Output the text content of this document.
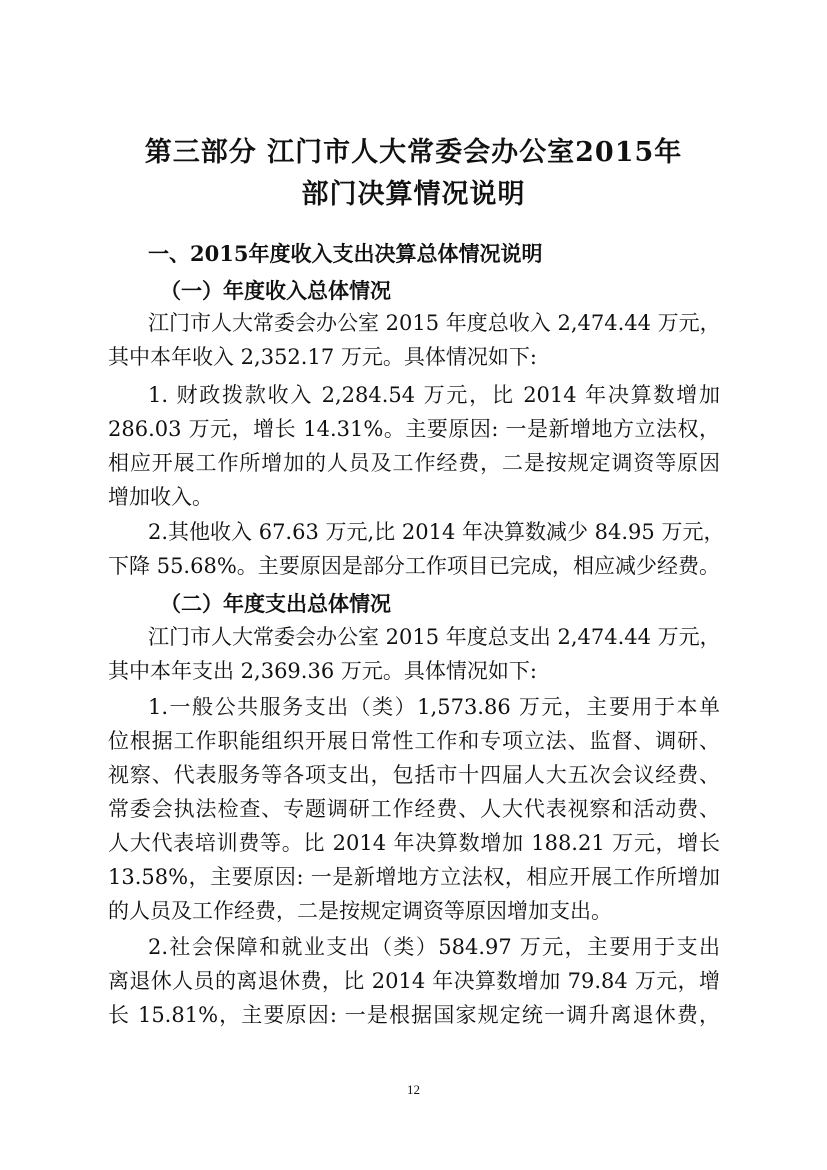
第三部分 江门市人大常委会办公室2015年
部门决算情况说明
一、2015年度收入支出决算总体情况说明
（一）年度收入总体情况
江门市人大常委会办公室 2015 年度总收入 2,474.44 万元，
其中本年收入 2,352.17 万元。具体情况如下:
1. 财政拨款收入 2,284.54 万元，比 2014 年决算数增加
286.03 万元，增长 14.31%。主要原因: 一是新增地方立法权，
相应开展工作所增加的人员及工作经费，二是按规定调资等原因
增加收入。
2.其他收入 67.63 万元,比 2014 年决算数减少 84.95 万元，
下降 55.68%。主要原因是部分工作项目已完成，相应减少经费。
（二）年度支出总体情况
江门市人大常委会办公室 2015 年度总支出 2,474.44 万元，
其中本年支出 2,369.36 万元。具体情况如下:
1.一般公共服务支出（类）1,573.86 万元，主要用于本单
位根据工作职能组织开展日常性工作和专项立法、监督、调研、
视察、代表服务等各项支出，包括市十四届人大五次会议经费、
常委会执法检查、专题调研工作经费、人大代表视察和活动费、
人大代表培训费等。比 2014 年决算数增加 188.21 万元，增长
13.58%，主要原因: 一是新增地方立法权，相应开展工作所增加
的人员及工作经费，二是按规定调资等原因增加支出。
2.社会保障和就业支出（类）584.97 万元，主要用于支出
离退休人员的离退休费，比 2014 年决算数增加 79.84 万元，增
长 15.81%，主要原因: 一是根据国家规定统一调升离退休费，
12
